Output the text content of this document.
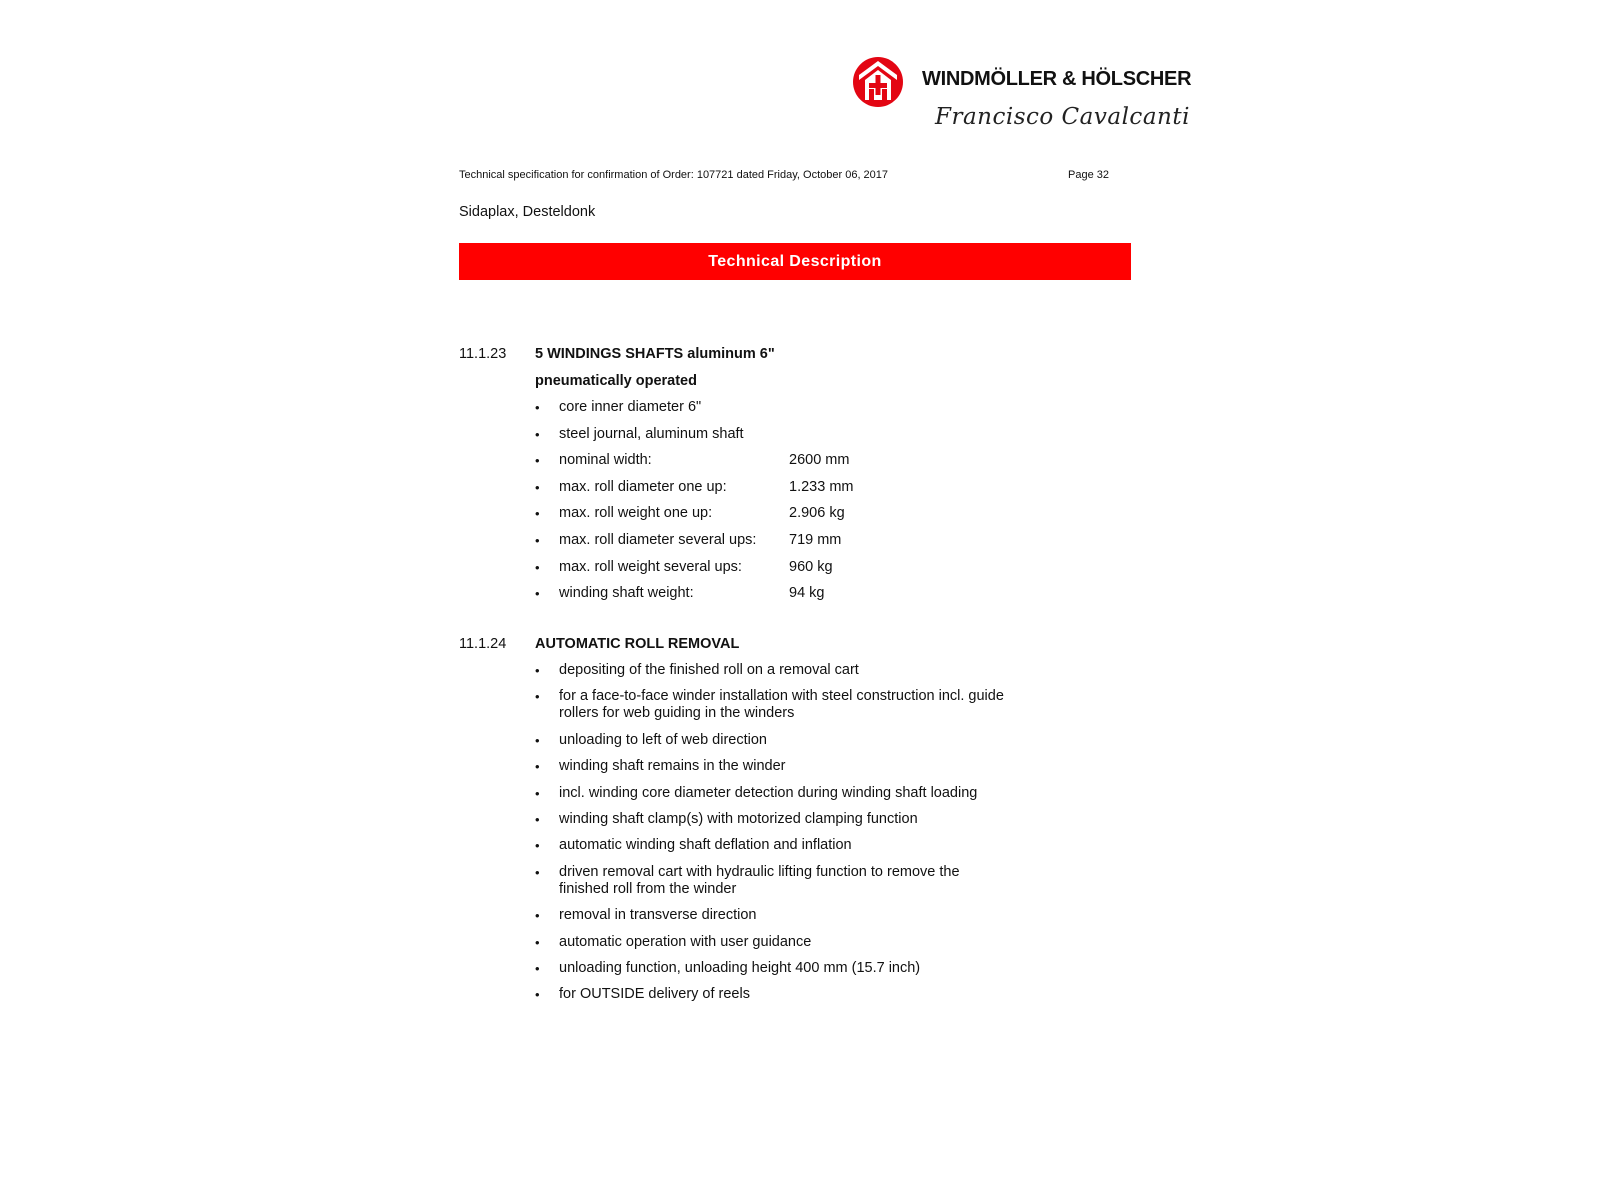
WINDMÖLLER & HÖLSCHER
Francisco Cavalcanti
Technical specification for confirmation of Order: 107721 dated Friday, October 06, 2017	Page 32
Sidaplax, Desteldonk
Technical Description
11.1.23 5 WINDINGS SHAFTS aluminum 6"
pneumatically operated
• core inner diameter 6"
• steel journal, aluminum shaft
• nominal width:	2600 mm
• max. roll diameter one up:	1.233 mm
• max. roll weight one up:	2.906 kg
• max. roll diameter several ups: 719 mm
• max. roll weight several ups:	960 kg
• winding shaft weight:	94 kg
11.1.24 AUTOMATIC ROLL REMOVAL
• depositing of the finished roll on a removal cart
• for a face-to-face winder installation with steel construction incl. guide rollers for web guiding in the winders
• unloading to left of web direction
• winding shaft remains in the winder
• incl. winding core diameter detection during winding shaft loading
• winding shaft clamp(s) with motorized clamping function
• automatic winding shaft deflation and inflation
• driven removal cart with hydraulic lifting function to remove the finished roll from the winder
• removal in transverse direction
• automatic operation with user guidance
• unloading function, unloading height 400 mm (15.7 inch)
• for OUTSIDE delivery of reels
